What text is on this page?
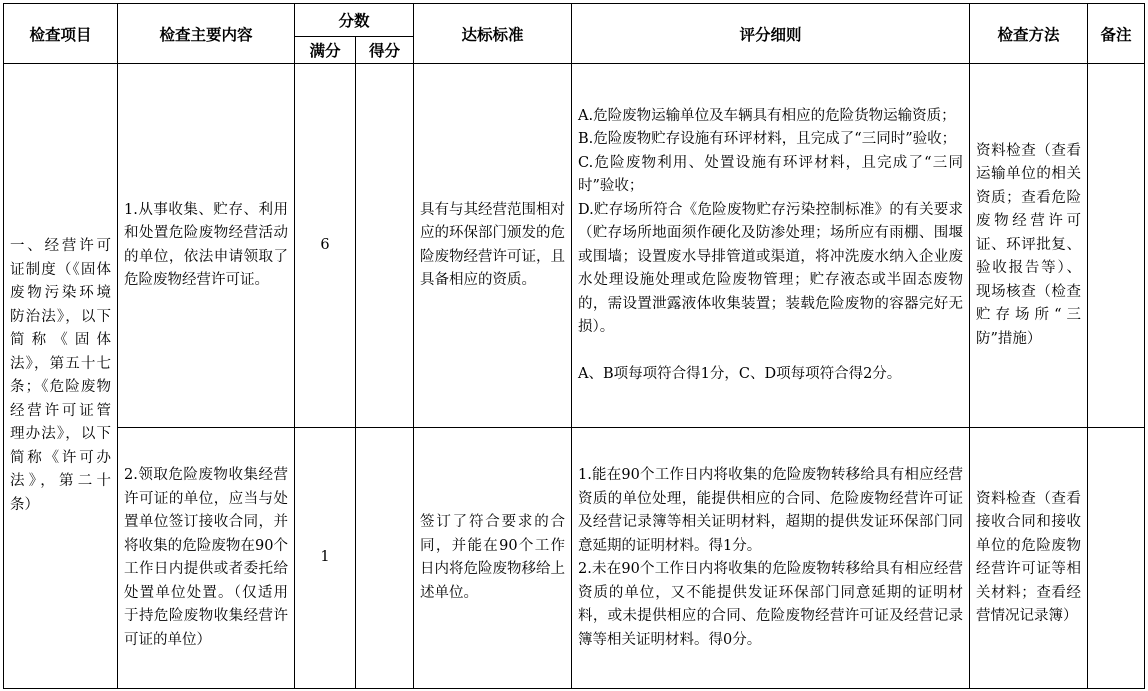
检查项目	检查主要内容	分数		达标标准	评分细则	检查方法	备注
		满分	得分				
一、经营许可证制度（《固体废物污染环境防治法》，以下简称《固体法》，第五十七条；《危险废物经营许可证管理办法》，以下简称《许可办法》，第二十条）	1.从事收集、贮存、利用和处置危险废物经营活动的单位，依法申请领取了危险废物经营许可证。	6		具有与其经营范围相对应的环保部门颁发的危险废物经营许可证，且具备相应的资质。	A.危险废物运输单位及车辆具有相应的危险货物运输资质；
B.危险废物贮存设施有环评材料，且完成了“三同时”验收；
C.危险废物利用、处置设施有环评材料，且完成了“三同时”验收；
D.贮存场所符合《危险废物贮存污染控制标准》的有关要求（贮存场所地面须作硬化及防渗处理；场所应有雨棚、围堰或围墙；设置废水导排管道或渠道，将冲洗废水纳入企业废水处理设施处理或危险废物管理；贮存液态或半固态废物的，需设置泄露液体收集装置；装载危险废物的容器完好无损）。
A、B项每项符合得1分，C、D项每项符合得2分。	资料检查（查看运输单位的相关资质；查看危险废物经营许可证、环评批复、验收报告等）、现场核查（检查贮存场所“三防”措施）	
	2.领取危险废物收集经营许可证的单位，应当与处置单位签订接收合同，并将收集的危险废物在90个工作日内提供或者委托给处置单位处置。（仅适用于持危险废物收集经营许可证的单位）	1		签订了符合要求的合同，并能在90个工作日内将危险废物移给上述单位。	1.能在90个工作日内将收集的危险废物转移给具有相应经营资质的单位处理，能提供相应的合同、危险废物经营许可证及经营记录簿等相关证明材料，超期的提供发证环保部门同意延期的证明材料。得1分。
2.未在90个工作日内将收集的危险废物转移给具有相应经营资质的单位，又不能提供发证环保部门同意延期的证明材料，或未提供相应的合同、危险废物经营许可证及经营记录簿等相关证明材料。得0分。	资料检查（查看接收合同和接收单位的危险废物经营许可证等相关材料；查看经营情况记录簿）	
